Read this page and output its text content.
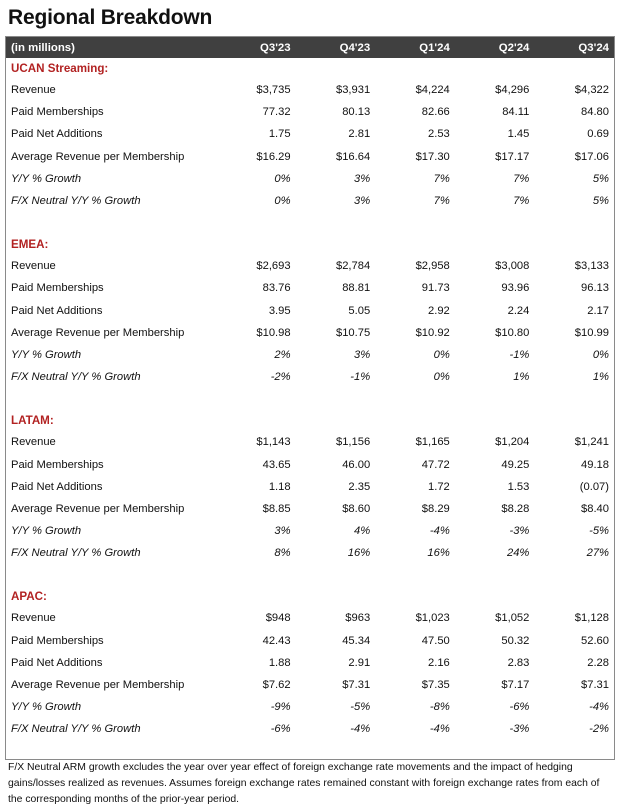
Regional Breakdown
(in millions)	Q3'23	Q4'23	Q1'24	Q2'24	Q3'24
UCAN Streaming:					
Revenue	$3,735	$3,931	$4,224	$4,296	$4,322
Paid Memberships	77.32	80.13	82.66	84.11	84.80
Paid Net Additions	1.75	2.81	2.53	1.45	0.69
Average Revenue per Membership	$16.29	$16.64	$17.30	$17.17	$17.06
Y/Y % Growth	0%	3%	7%	7%	5%
F/X Neutral Y/Y % Growth	0%	3%	7%	7%	5%

EMEA:					
Revenue	$2,693	$2,784	$2,958	$3,008	$3,133
Paid Memberships	83.76	88.81	91.73	93.96	96.13
Paid Net Additions	3.95	5.05	2.92	2.24	2.17
Average Revenue per Membership	$10.98	$10.75	$10.92	$10.80	$10.99
Y/Y % Growth	2%	3%	0%	-1%	0%
F/X Neutral Y/Y % Growth	-2%	-1%	0%	1%	1%

LATAM:					
Revenue	$1,143	$1,156	$1,165	$1,204	$1,241
Paid Memberships	43.65	46.00	47.72	49.25	49.18
Paid Net Additions	1.18	2.35	1.72	1.53	(0.07)
Average Revenue per Membership	$8.85	$8.60	$8.29	$8.28	$8.40
Y/Y % Growth	3%	4%	-4%	-3%	-5%
F/X Neutral Y/Y % Growth	8%	16%	16%	24%	27%

APAC:					
Revenue	$948	$963	$1,023	$1,052	$1,128
Paid Memberships	42.43	45.34	47.50	50.32	52.60
Paid Net Additions	1.88	2.91	2.16	2.83	2.28
Average Revenue per Membership	$7.62	$7.31	$7.35	$7.17	$7.31
Y/Y % Growth	-9%	-5%	-8%	-6%	-4%
F/X Neutral Y/Y % Growth	-6%	-4%	-4%	-3%	-2%
F/X Neutral ARM growth excludes the year over year effect of foreign exchange rate movements and the impact of hedging gains/losses realized as revenues. Assumes foreign exchange rates remained constant with foreign exchange rates from each of the corresponding months of the prior-year period.
